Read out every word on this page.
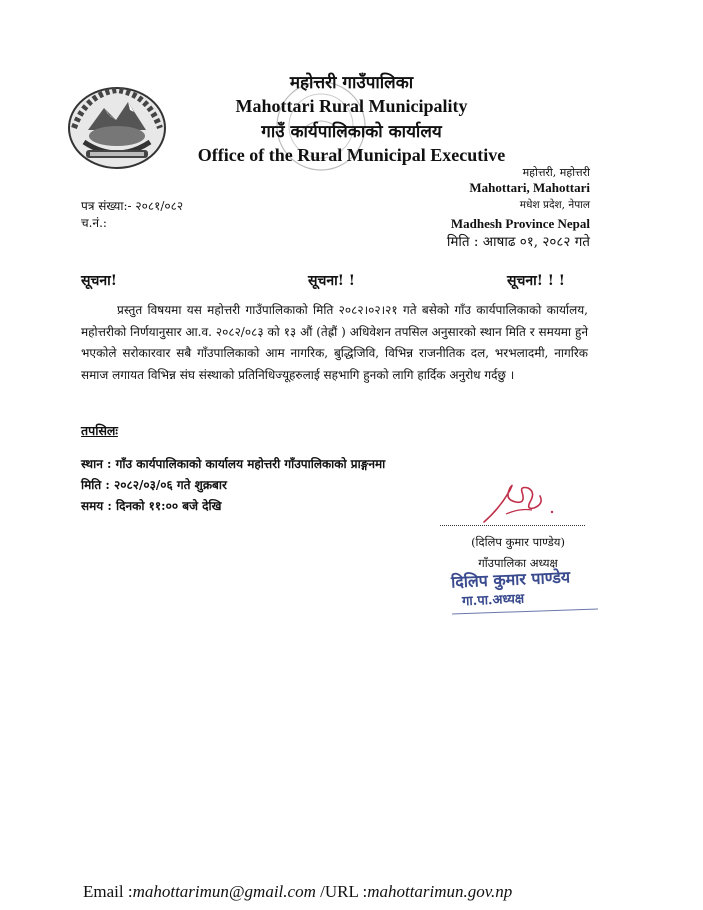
महोत्तरी गाउँपालिका
Mahottari Rural Municipality
गाउँ कार्यपालिकाको कार्यालय
Office of the Rural Municipal Executive
महोत्तरी, महोत्तरी
Mahottari, Mahottari
मधेश प्रदेश, नेपाल
Madhesh Province Nepal
मिति : आषाढ ०१, २०८२ गते
पत्र संख्या:- २०८१/०८२
च.नं.:
सूचना!	सूचना! !	सूचना! ! !
प्रस्तुत विषयमा यस महोत्तरी गाउँपालिकाको मिति २०८२।०२।२१ गते बसेको गाँउ कार्यपालिकाको कार्यालय, महोत्तरीको निर्णयानुसार आ.व. २०८२/०८३ को १३ औं (तेह्रौं ) अधिवेशन तपसिल अनुसारको स्थान मिति र समयमा हुने भएकोले सरोकारवार सबै गाँउपालिकाको आम नागरिक, बुद्धिजिवि, विभिन्न राजनीतिक दल, भरभलादमी, नागरिक समाज लगायत विभिन्न संघ संस्थाको प्रतिनिधिज्यूहरुलाई सहभागि हुनको लागि हार्दिक अनुरोध गर्दछु ।
तपसिलः
स्थान : गाँउ कार्यपालिकाको कार्यालय महोत्तरी गाँउपालिकाको प्राङ्गनमा
मिति : २०८२/०३/०६ गते शुक्रबार
समय : दिनको ११:०० बजे देखि
(दिलिप कुमार पाण्डेय)
गाँउपालिका अध्यक्ष
दिलिप कुमार पाण्डेय
गा.पा.अध्यक्ष
Email :mahottarimun@gmail.com /URL :mahottarimun.gov.np
